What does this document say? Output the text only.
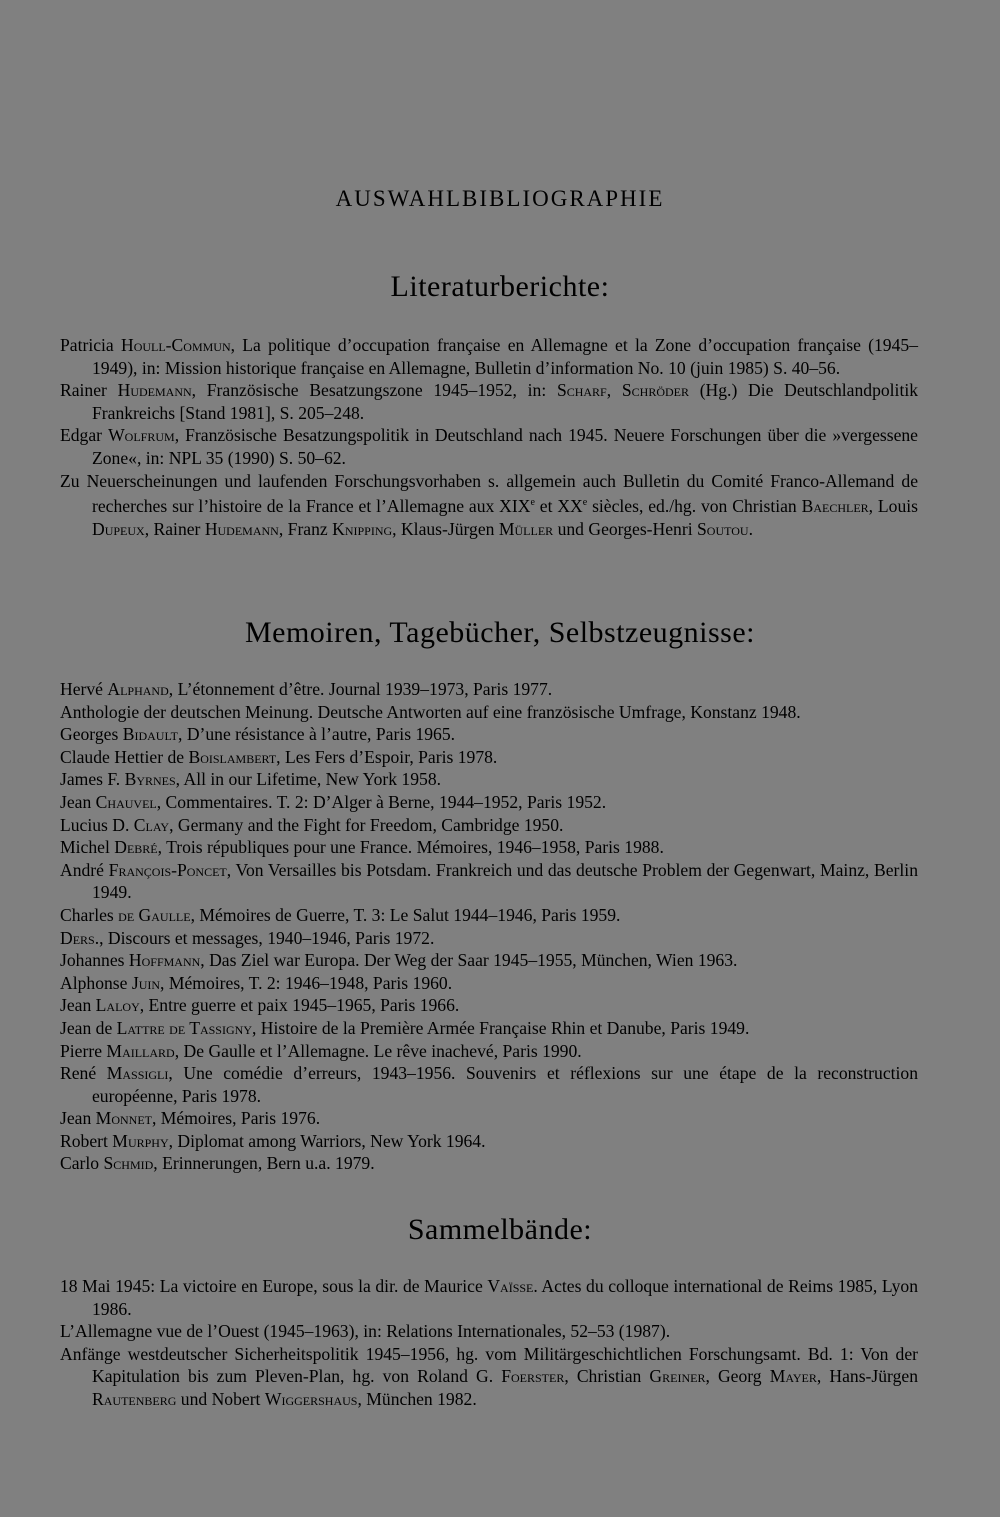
AUSWAHLBIBLIOGRAPHIE
Literaturberichte:

Patricia Houll-Commun, La politique d’occupation française en Allemagne et la Zone d’occupation française (1945–1949), in: Mission historique française en Allemagne, Bulletin d’information No. 10 (juin 1985) S. 40–56.

Rainer Hudemann, Französische Besatzungszone 1945–1952, in: Scharf, Schröder (Hg.) Die Deutschlandpolitik Frankreichs [Stand 1981], S. 205–248.

Edgar Wolfrum, Französische Besatzungspolitik in Deutschland nach 1945. Neuere Forschungen über die »vergessene Zone«, in: NPL 35 (1990) S. 50–62.

Zu Neuerscheinungen und laufenden Forschungsvorhaben s. allgemein auch Bulletin du Comité Franco-Allemand de recherches sur l’histoire de la France et l’Allemagne aux XIXe et XXe siècles, ed./hg. von Christian Baechler, Louis Dupeux, Rainer Hudemann, Franz Knipping, Klaus-Jürgen Müller und Georges-Henri Soutou.

Memoiren, Tagebücher, Selbstzeugnisse:

Hervé Alphand, L’étonnement d’être. Journal 1939–1973, Paris 1977.

Anthologie der deutschen Meinung. Deutsche Antworten auf eine französische Umfrage, Konstanz 1948.

Georges Bidault, D’une résistance à l’autre, Paris 1965.

Claude Hettier de Boislambert, Les Fers d’Espoir, Paris 1978.

James F. Byrnes, All in our Lifetime, New York 1958.

Jean Chauvel, Commentaires. T. 2: D’Alger à Berne, 1944–1952, Paris 1952.

Lucius D. Clay, Germany and the Fight for Freedom, Cambridge 1950.

Michel Debré, Trois républiques pour une France. Mémoires, 1946–1958, Paris 1988.

André François-Poncet, Von Versailles bis Potsdam. Frankreich und das deutsche Problem der Gegenwart, Mainz, Berlin 1949.

Charles de Gaulle, Mémoires de Guerre, T. 3: Le Salut 1944–1946, Paris 1959.

Ders., Discours et messages, 1940–1946, Paris 1972.

Johannes Hoffmann, Das Ziel war Europa. Der Weg der Saar 1945–1955, München, Wien 1963.

Alphonse Juin, Mémoires, T. 2: 1946–1948, Paris 1960.

Jean Laloy, Entre guerre et paix 1945–1965, Paris 1966.

Jean de Lattre de Tassigny, Histoire de la Première Armée Française Rhin et Danube, Paris 1949.

Pierre Maillard, De Gaulle et l’Allemagne. Le rêve inachevé, Paris 1990.

René Massigli, Une comédie d’erreurs, 1943–1956. Souvenirs et réflexions sur une étape de la reconstruction européenne, Paris 1978.

Jean Monnet, Mémoires, Paris 1976.

Robert Murphy, Diplomat among Warriors, New York 1964.

Carlo Schmid, Erinnerungen, Bern u.a. 1979.

Sammelbände:

18 Mai 1945: La victoire en Europe, sous la dir. de Maurice Vaïsse. Actes du colloque international de Reims 1985, Lyon 1986.

L’Allemagne vue de l’Ouest (1945–1963), in: Relations Internationales, 52–53 (1987).

Anfänge westdeutscher Sicherheitspolitik 1945–1956, hg. vom Militärgeschichtlichen Forschungsamt. Bd. 1: Von der Kapitulation bis zum Pleven-Plan, hg. von Roland G. Foerster, Christian Greiner, Georg Mayer, Hans-Jürgen Rautenberg und Nobert Wiggershaus, München 1982.
